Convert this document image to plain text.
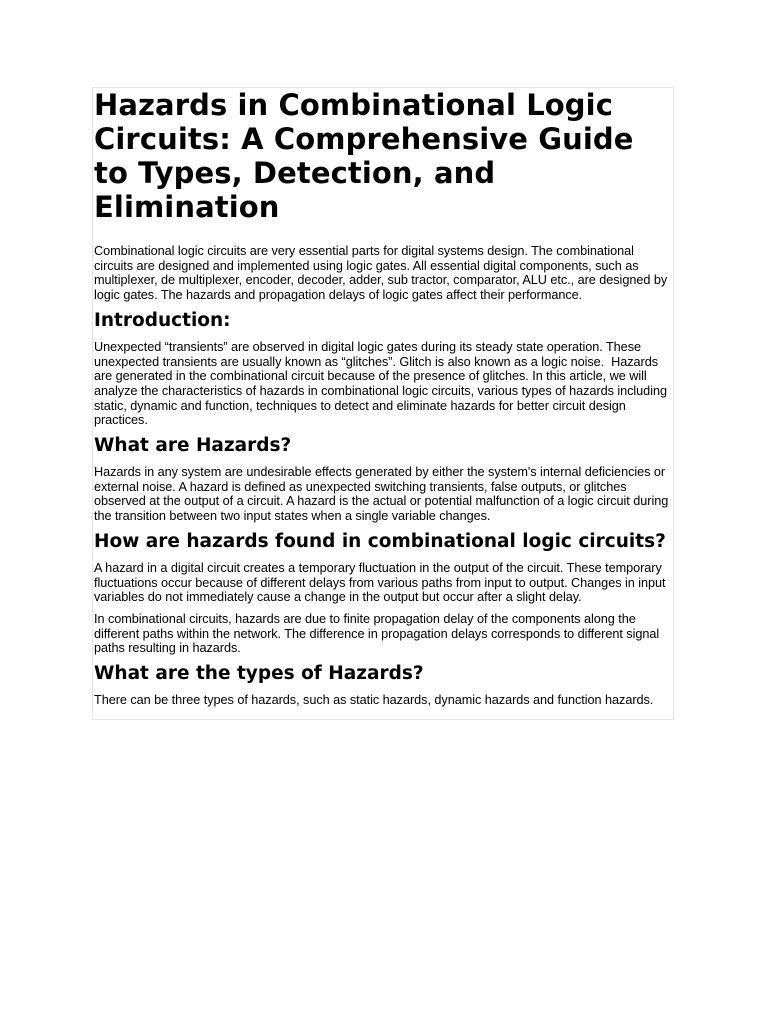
Hazards in Combinational Logic Circuits: A Comprehensive Guide to Types, Detection, and Elimination

Combinational logic circuits are very essential parts for digital systems design. The combinational circuits are designed and implemented using logic gates. All essential digital components, such as multiplexer, de multiplexer, encoder, decoder, adder, sub tractor, comparator, ALU etc., are designed by logic gates. The hazards and propagation delays of logic gates affect their performance.

Introduction:

Unexpected “transients” are observed in digital logic gates during its steady state operation. These unexpected transients are usually known as “glitches”. Glitch is also known as a logic noise.  Hazards are generated in the combinational circuit because of the presence of glitches. In this article, we will analyze the characteristics of hazards in combinational logic circuits, various types of hazards including static, dynamic and function, techniques to detect and eliminate hazards for better circuit design practices.

What are Hazards?

Hazards in any system are undesirable effects generated by either the system's internal deficiencies or external noise. A hazard is defined as unexpected switching transients, false outputs, or glitches observed at the output of a circuit. A hazard is the actual or potential malfunction of a logic circuit during the transition between two input states when a single variable changes.

How are hazards found in combinational logic circuits?

A hazard in a digital circuit creates a temporary fluctuation in the output of the circuit. These temporary fluctuations occur because of different delays from various paths from input to output. Changes in input variables do not immediately cause a change in the output but occur after a slight delay.

In combinational circuits, hazards are due to finite propagation delay of the components along the different paths within the network. The difference in propagation delays corresponds to different signal paths resulting in hazards.

What are the types of Hazards?

There can be three types of hazards, such as static hazards, dynamic hazards and function hazards.
